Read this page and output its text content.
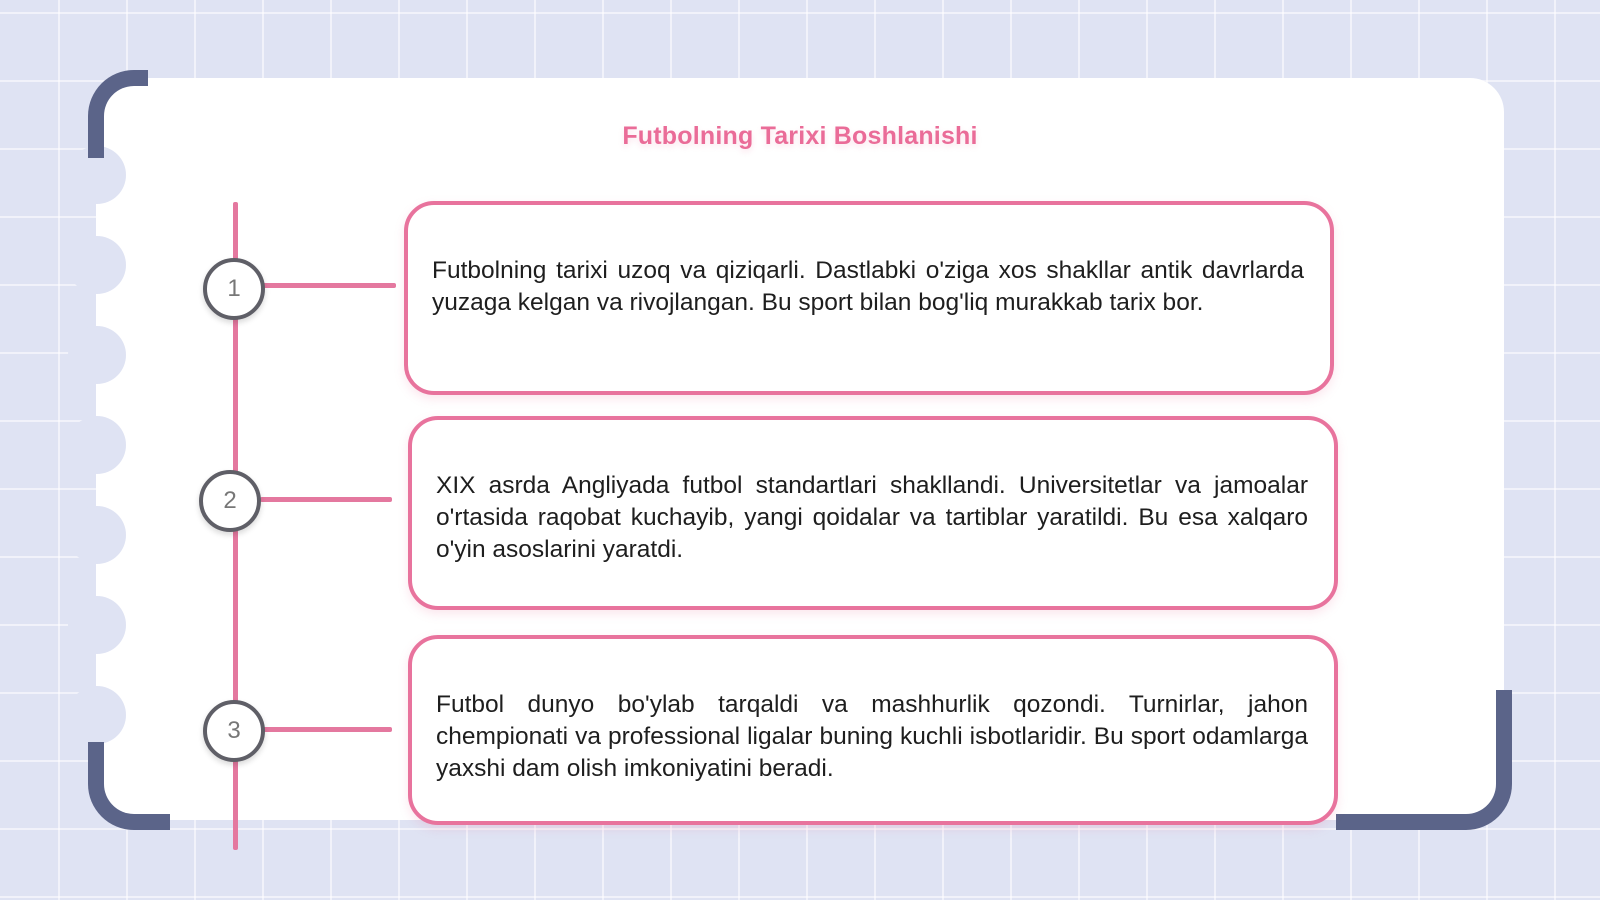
Futbolning Tarixi Boshlanishi
1

Futbolning tarixi uzoq va qiziqarli. Dastlabki o'ziga xos shakllar antik davrlarda yuzaga kelgan va rivojlangan. Bu sport bilan bog'liq murakkab tarix bor.

2

XIX asrda Angliyada futbol standartlari shakllandi. Universitetlar va jamoalar o'rtasida raqobat kuchayib, yangi qoidalar va tartiblar yaratildi. Bu esa xalqaro o'yin asoslarini yaratdi.

3

Futbol dunyo bo'ylab tarqaldi va mashhurlik qozondi. Turnirlar, jahon chempionati va professional ligalar buning kuchli isbotlaridir. Bu sport odamlarga yaxshi dam olish imkoniyatini beradi.
